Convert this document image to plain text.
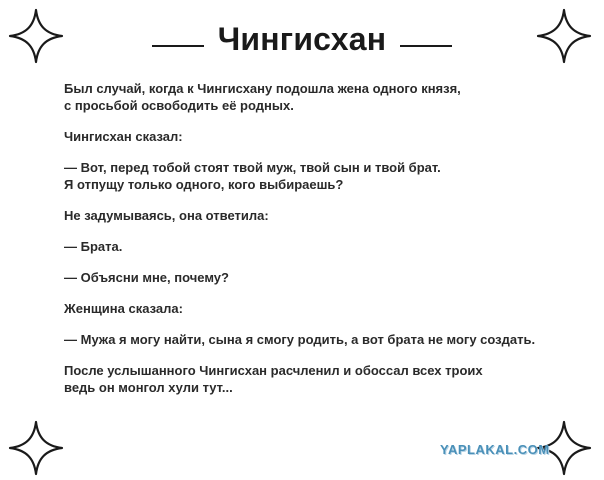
Чингисхан

Был случай, когда к Чингисхану подошла жена одного князя,

с просьбой освободить её родных.

Чингисхан сказал:

— Вот, перед тобой стоят твой муж, твой сын и твой брат.

Я отпущу только одного, кого выбираешь?

Не задумываясь, она ответила:

— Брата.

— Объясни мне, почему?

Женщина сказала:

— Мужа я могу найти, сына я смогу родить, а вот брата не могу создать.

После услышанного Чингисхан расчленил и обоссал всех троих

ведь он монгол хули тут...

YAPLAKAL.COM
